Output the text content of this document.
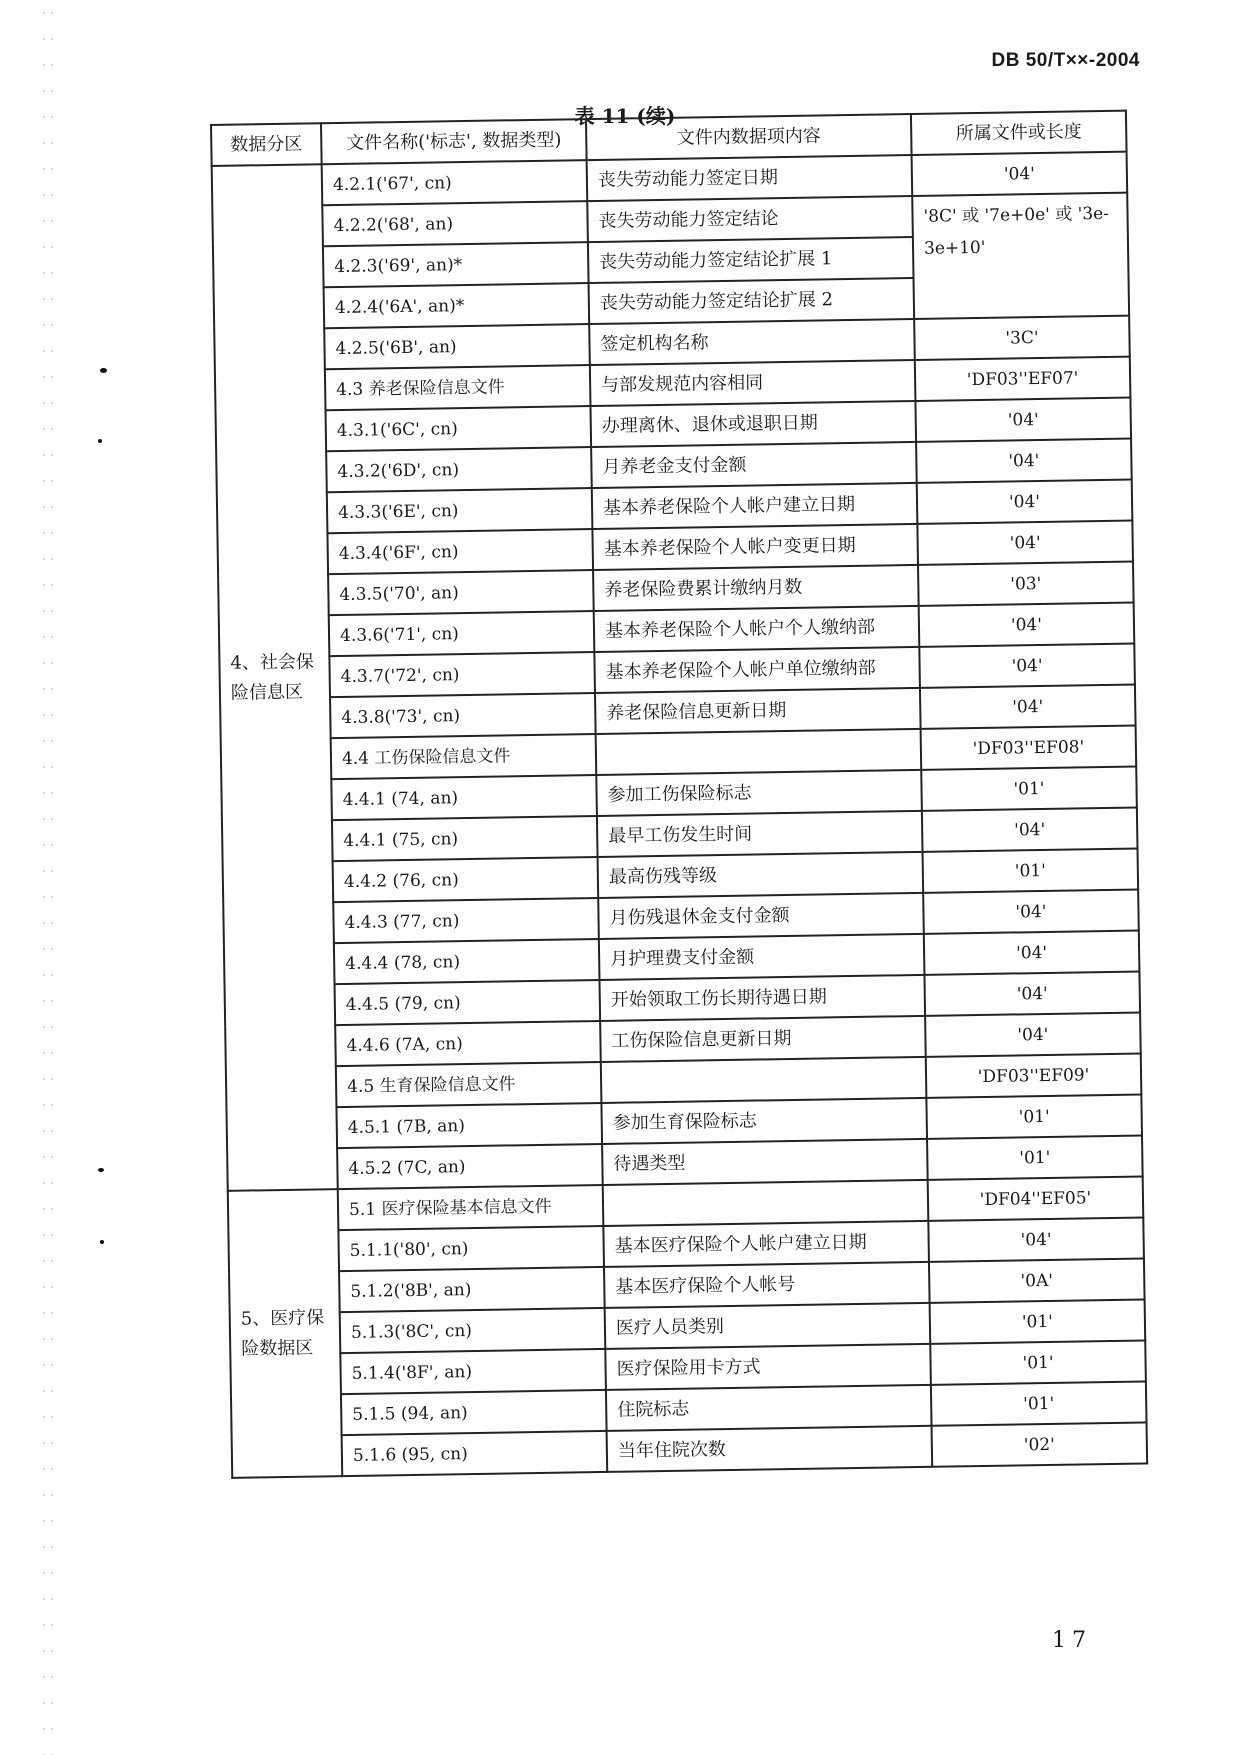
DB 50/T××-2004
表 11 (续)
数据分区	文件名称('标志', 数据类型)	文件内数据项内容	所属文件或长度
4、社会保险信息区	4.2.1('67', cn)	丧失劳动能力签定日期	'04'
	4.2.2('68', an)	丧失劳动能力签定结论	'8C' 或 '7e+0e' 或 '3e-3e+10'
	4.2.3('69', an)*	丧失劳动能力签定结论扩展 1	
	4.2.4('6A', an)*	丧失劳动能力签定结论扩展 2	
	4.2.5('6B', an)	签定机构名称	'3C'
	4.3 养老保险信息文件	与部发规范内容相同	'DF03''EF07'
	4.3.1('6C', cn)	办理离休、退休或退职日期	'04'
	4.3.2('6D', cn)	月养老金支付金额	'04'
	4.3.3('6E', cn)	基本养老保险个人帐户建立日期	'04'
	4.3.4('6F', cn)	基本养老保险个人帐户变更日期	'04'
	4.3.5('70', an)	养老保险费累计缴纳月数	'03'
	4.3.6('71', cn)	基本养老保险个人帐户个人缴纳部	'04'
	4.3.7('72', cn)	基本养老保险个人帐户单位缴纳部	'04'
	4.3.8('73', cn)	养老保险信息更新日期	'04'
	4.4 工伤保险信息文件		'DF03''EF08'
	4.4.1 (74, an)	参加工伤保险标志	'01'
	4.4.1 (75, cn)	最早工伤发生时间	'04'
	4.4.2 (76, cn)	最高伤残等级	'01'
	4.4.3 (77, cn)	月伤残退休金支付金额	'04'
	4.4.4 (78, cn)	月护理费支付金额	'04'
	4.4.5 (79, cn)	开始领取工伤长期待遇日期	'04'
	4.4.6 (7A, cn)	工伤保险信息更新日期	'04'
	4.5 生育保险信息文件		'DF03''EF09'
	4.5.1 (7B, an)	参加生育保险标志	'01'
	4.5.2 (7C, an)	待遇类型	'01'
5、医疗保险数据区	5.1 医疗保险基本信息文件		'DF04''EF05'
	5.1.1('80', cn)	基本医疗保险个人帐户建立日期	'04'
	5.1.2('8B', an)	基本医疗保险个人帐号	'0A'
	5.1.3('8C', cn)	医疗人员类别	'01'
	5.1.4('8F', an)	医疗保险用卡方式	'01'
	5.1.5 (94, an)	住院标志	'01'
	5.1.6 (95, cn)	当年住院次数	'02'
17
